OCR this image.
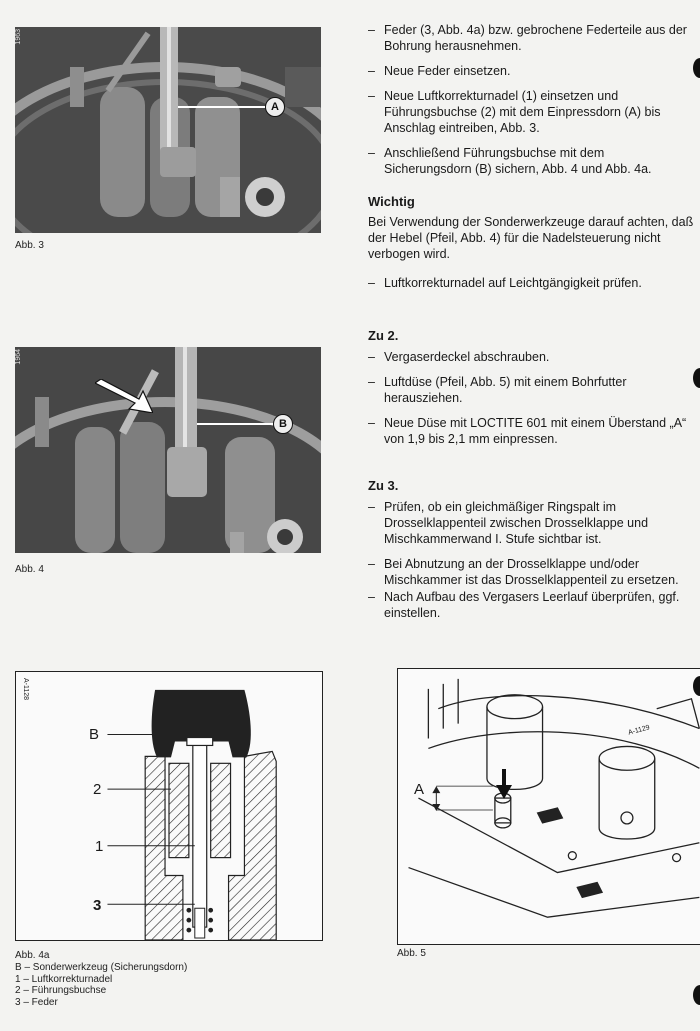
1963
A
Abb. 3
1964
B
Abb. 4
A-1128
B
2
1
3
Abb. 4a
B – Sonderwerkzeug (Sicherungsdorn)
1 – Luftkorrekturnadel
2 – Führungsbuchse
3 – Feder
– Feder (3, Abb. 4a) bzw. gebrochene Federteile aus der Bohrung herausnehmen.
– Neue Feder einsetzen.
– Neue Luftkorrekturnadel (1) einsetzen und Führungsbuchse (2) mit dem Einpressdorn (A) bis Anschlag eintreiben, Abb. 3.
– Anschließend Führungsbuchse mit dem Sicherungsdorn (B) sichern, Abb. 4 und Abb. 4a.
Wichtig

Bei Verwendung der Sonderwerkzeuge darauf achten, daß der Hebel (Pfeil, Abb. 4) für die Nadelsteuerung nicht verbogen wird.

– Luftkorrekturnadel auf Leichtgängigkeit prüfen.
Zu 2.
– Vergaserdeckel abschrauben.
– Luftdüse (Pfeil, Abb. 5) mit einem Bohrfutter herausziehen.
– Neue Düse mit LOCTITE 601 mit einem Überstand „A“ von 1,9 bis 2,1 mm einpressen.
Zu 3.
– Prüfen, ob ein gleichmäßiger Ringspalt im Drosselklappenteil zwischen Drosselklappe und Mischkammerwand I. Stufe sichtbar ist.
– Bei Abnutzung an der Drosselklappe und/oder Mischkammer ist das Drosselklappenteil zu ersetzen.
– Nach Aufbau des Vergasers Leerlauf überprüfen, ggf. einstellen.
A
A-1129
Abb. 5
